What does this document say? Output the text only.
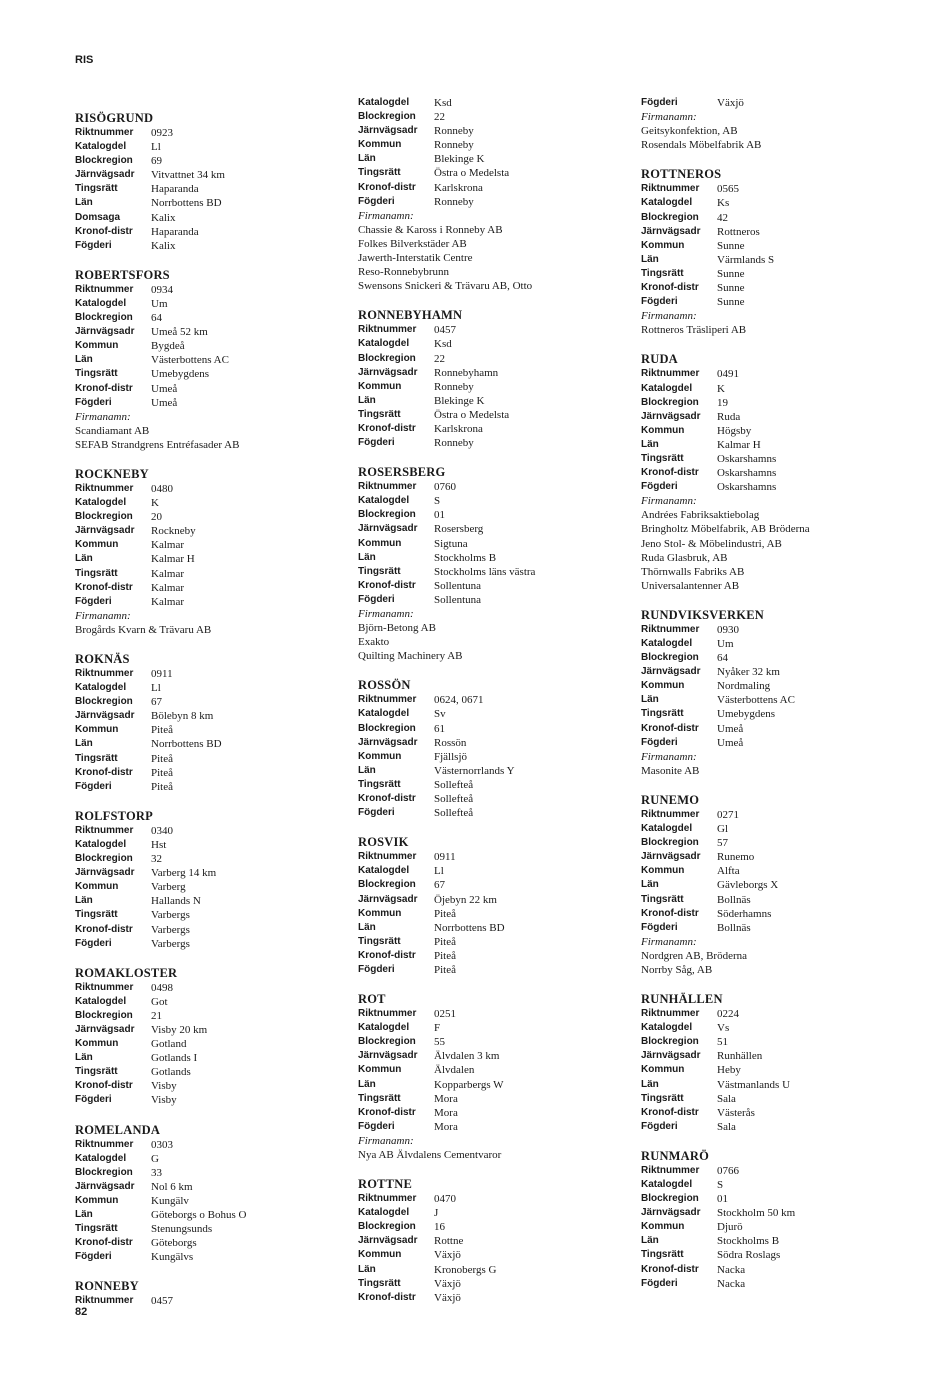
RIS
RISÖGRUND
Riktnummer	0923
Katalogdel	Ll
Blockregion	69
Järnvägsadr	Vitvattnet 34 km
Tingsrätt	Haparanda
Län	Norrbottens BD
Domsaga	Kalix
Kronof-distr	Haparanda
Fögderi	Kalix
ROBERTSFORS
Riktnummer	0934
Katalogdel	Um
Blockregion	64
Järnvägsadr	Umeå 52 km
Kommun	Bygdeå
Län	Västerbottens AC
Tingsrätt	Umebygdens
Kronof-distr	Umeå
Fögderi	Umeå
Firmanamn:
Scandiamant AB
SEFAB Strandgrens Entréfasader AB
ROCKNEBY
Riktnummer	0480
Katalogdel	K
Blockregion	20
Järnvägsadr	Rockneby
Kommun	Kalmar
Län	Kalmar H
Tingsrätt	Kalmar
Kronof-distr	Kalmar
Fögderi	Kalmar
Firmanamn:
Brogårds Kvarn & Trävaru AB
ROKNÄS
Riktnummer	0911
Katalogdel	Ll
Blockregion	67
Järnvägsadr	Bölebyn 8 km
Kommun	Piteå
Län	Norrbottens BD
Tingsrätt	Piteå
Kronof-distr	Piteå
Fögderi	Piteå
ROLFSTORP
Riktnummer	0340
Katalogdel	Hst
Blockregion	32
Järnvägsadr	Varberg 14 km
Kommun	Varberg
Län	Hallands N
Tingsrätt	Varbergs
Kronof-distr	Varbergs
Fögderi	Varbergs
ROMAKLOSTER
Riktnummer	0498
Katalogdel	Got
Blockregion	21
Järnvägsadr	Visby 20 km
Kommun	Gotland
Län	Gotlands I
Tingsrätt	Gotlands
Kronof-distr	Visby
Fögderi	Visby
ROMELANDA
Riktnummer	0303
Katalogdel	G
Blockregion	33
Järnvägsadr	Nol 6 km
Kommun	Kungälv
Län	Göteborgs o Bohus O
Tingsrätt	Stenungsunds
Kronof-distr	Göteborgs
Fögderi	Kungälvs
RONNEBY
Riktnummer	0457
Katalogdel	Ksd
Blockregion	22
Järnvägsadr	Ronneby
Kommun	Ronneby
Län	Blekinge K
Tingsrätt	Östra o Medelsta
Kronof-distr	Karlskrona
Fögderi	Ronneby
Firmanamn:
Chassie & Kaross i Ronneby AB
Folkes Bilverkstäder AB
Jawerth-Interstatik Centre
Reso-Ronnebybrunn
Swensons Snickeri & Trävaru AB, Otto
RONNEBYHAMN
Riktnummer	0457
Katalogdel	Ksd
Blockregion	22
Järnvägsadr	Ronnebyhamn
Kommun	Ronneby
Län	Blekinge K
Tingsrätt	Östra o Medelsta
Kronof-distr	Karlskrona
Fögderi	Ronneby
ROSERSBERG
Riktnummer	0760
Katalogdel	S
Blockregion	01
Järnvägsadr	Rosersberg
Kommun	Sigtuna
Län	Stockholms B
Tingsrätt	Stockholms läns västra
Kronof-distr	Sollentuna
Fögderi	Sollentuna
Firmanamn:
Björn-Betong AB
Exakto
Quilting Machinery AB
ROSSÖN
Riktnummer	0624, 0671
Katalogdel	Sv
Blockregion	61
Järnvägsadr	Rossön
Kommun	Fjällsjö
Län	Västernorrlands Y
Tingsrätt	Sollefteå
Kronof-distr	Sollefteå
Fögderi	Sollefteå
ROSVIK
Riktnummer	0911
Katalogdel	Ll
Blockregion	67
Järnvägsadr	Öjebyn 22 km
Kommun	Piteå
Län	Norrbottens BD
Tingsrätt	Piteå
Kronof-distr	Piteå
Fögderi	Piteå
ROT
Riktnummer	0251
Katalogdel	F
Blockregion	55
Järnvägsadr	Älvdalen 3 km
Kommun	Älvdalen
Län	Kopparbergs W
Tingsrätt	Mora
Kronof-distr	Mora
Fögderi	Mora
Firmanamn:
Nya AB Älvdalens Cementvaror
ROTTNE
Riktnummer	0470
Katalogdel	J
Blockregion	16
Järnvägsadr	Rottne
Kommun	Växjö
Län	Kronobergs G
Tingsrätt	Växjö
Kronof-distr	Växjö
Fögderi	Växjö
Firmanamn:
Geitsykonfektion, AB
Rosendals Möbelfabrik AB
ROTTNEROS
Riktnummer	0565
Katalogdel	Ks
Blockregion	42
Järnvägsadr	Rottneros
Kommun	Sunne
Län	Värmlands S
Tingsrätt	Sunne
Kronof-distr	Sunne
Fögderi	Sunne
Firmanamn:
Rottneros Träsliperi AB
RUDA
Riktnummer	0491
Katalogdel	K
Blockregion	19
Järnvägsadr	Ruda
Kommun	Högsby
Län	Kalmar H
Tingsrätt	Oskarshamns
Kronof-distr	Oskarshamns
Fögderi	Oskarshamns
Firmanamn:
Andrées Fabriksaktiebolag
Bringholtz Möbelfabrik, AB Bröderna
Jeno Stol- & Möbelindustri, AB
Ruda Glasbruk, AB
Thörnwalls Fabriks AB
Universalantenner AB
RUNDVIKSVERKEN
Riktnummer	0930
Katalogdel	Um
Blockregion	64
Järnvägsadr	Nyåker 32 km
Kommun	Nordmaling
Län	Västerbottens AC
Tingsrätt	Umebygdens
Kronof-distr	Umeå
Fögderi	Umeå
Firmanamn:
Masonite AB
RUNEMO
Riktnummer	0271
Katalogdel	Gl
Blockregion	57
Järnvägsadr	Runemo
Kommun	Alfta
Län	Gävleborgs X
Tingsrätt	Bollnäs
Kronof-distr	Söderhamns
Fögderi	Bollnäs
Firmanamn:
Nordgren AB, Bröderna
Norrby Såg, AB
RUNHÄLLEN
Riktnummer	0224
Katalogdel	Vs
Blockregion	51
Järnvägsadr	Runhällen
Kommun	Heby
Län	Västmanlands U
Tingsrätt	Sala
Kronof-distr	Västerås
Fögderi	Sala
RUNMARÖ
Riktnummer	0766
Katalogdel	S
Blockregion	01
Järnvägsadr	Stockholm 50 km
Kommun	Djurö
Län	Stockholms B
Tingsrätt	Södra Roslags
Kronof-distr	Nacka
Fögderi	Nacka
82
